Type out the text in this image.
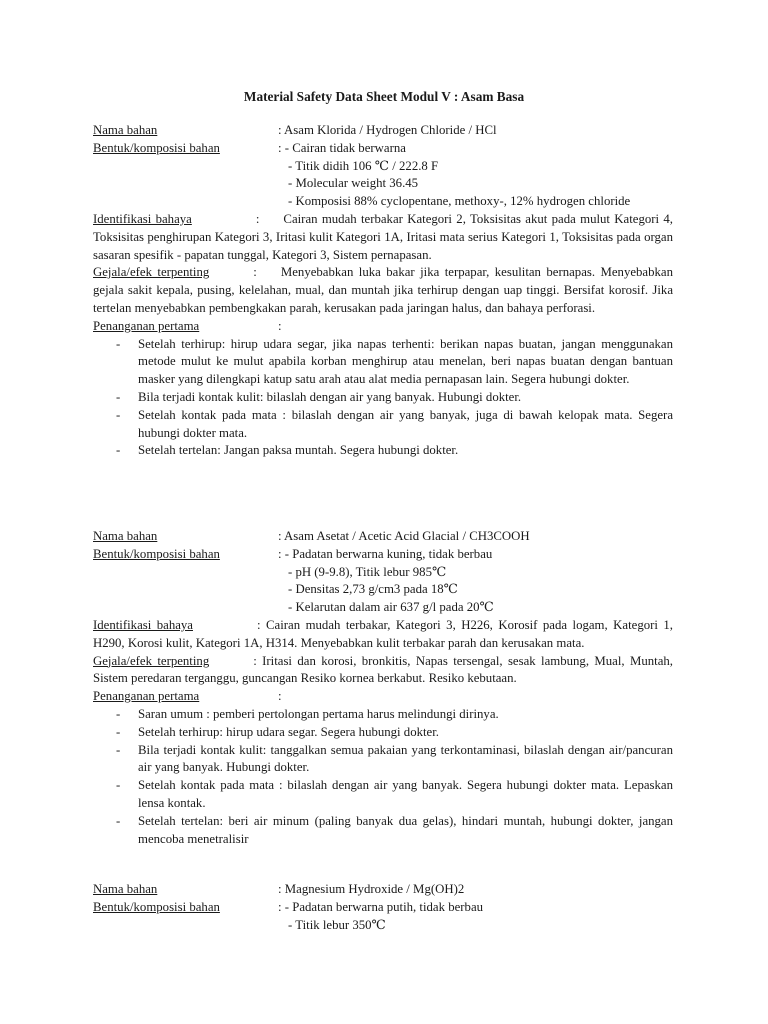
Material Safety Data Sheet Modul V : Asam Basa
Nama bahan	: Asam Klorida / Hydrogen Chloride / HCl
Bentuk/komposisi bahan	: - Cairan tidak berwarna
- Titik didih 106 ℃ / 222.8 F
- Molecular weight 36.45
- Komposisi 88% cyclopentane, methoxy-, 12% hydrogen chloride
Identifikasi bahaya	: Cairan mudah terbakar Kategori 2, Toksisitas akut pada mulut Kategori 4, Toksisitas penghirupan Kategori 3, Iritasi kulit Kategori 1A, Iritasi mata serius Kategori 1, Toksisitas pada organ sasaran spesifik - papatan tunggal, Kategori 3, Sistem pernapasan.
Gejala/efek terpenting	: Menyebabkan luka bakar jika terpapar, kesulitan bernapas. Menyebabkan gejala sakit kepala, pusing, kelelahan, mual, dan muntah jika terhirup dengan uap tinggi. Bersifat korosif. Jika tertelan menyebabkan pembengkakan parah, kerusakan pada jaringan halus, dan bahaya perforasi.
Penanganan pertama	:
- Setelah terhirup: hirup udara segar, jika napas terhenti: berikan napas buatan, jangan menggunakan metode mulut ke mulut apabila korban menghirup atau menelan, beri napas buatan dengan bantuan masker yang dilengkapi katup satu arah atau alat media pernapasan lain. Segera hubungi dokter.
- Bila terjadi kontak kulit: bilaslah dengan air yang banyak. Hubungi dokter.
- Setelah kontak pada mata : bilaslah dengan air yang banyak, juga di bawah kelopak mata. Segera hubungi dokter mata.
- Setelah tertelan: Jangan paksa muntah. Segera hubungi dokter.
Nama bahan	: Asam Asetat / Acetic Acid Glacial / CH3COOH
Bentuk/komposisi bahan	: - Padatan berwarna kuning, tidak berbau
- pH (9-9.8), Titik lebur 985℃
- Densitas 2,73 g/cm3 pada 18℃
- Kelarutan dalam air 637 g/l pada 20℃
Identifikasi bahaya	: Cairan mudah terbakar, Kategori 3, H226, Korosif pada logam, Kategori 1, H290, Korosi kulit, Kategori 1A, H314. Menyebabkan kulit terbakar parah dan kerusakan mata.
Gejala/efek terpenting	: Iritasi dan korosi, bronkitis, Napas tersengal, sesak lambung, Mual, Muntah, Sistem peredaran terganggu, guncangan Resiko kornea berkabut. Resiko kebutaan.
Penanganan pertama	:
- Saran umum : pemberi pertolongan pertama harus melindungi dirinya.
- Setelah terhirup: hirup udara segar. Segera hubungi dokter.
- Bila terjadi kontak kulit: tanggalkan semua pakaian yang terkontaminasi, bilaslah dengan air/pancuran air yang banyak. Hubungi dokter.
- Setelah kontak pada mata : bilaslah dengan air yang banyak. Segera hubungi dokter mata. Lepaskan lensa kontak.
- Setelah tertelan: beri air minum (paling banyak dua gelas), hindari muntah, hubungi dokter, jangan mencoba menetralisir
Nama bahan	: Magnesium Hydroxide / Mg(OH)2
Bentuk/komposisi bahan	: - Padatan berwarna putih, tidak berbau
- Titik lebur 350℃
